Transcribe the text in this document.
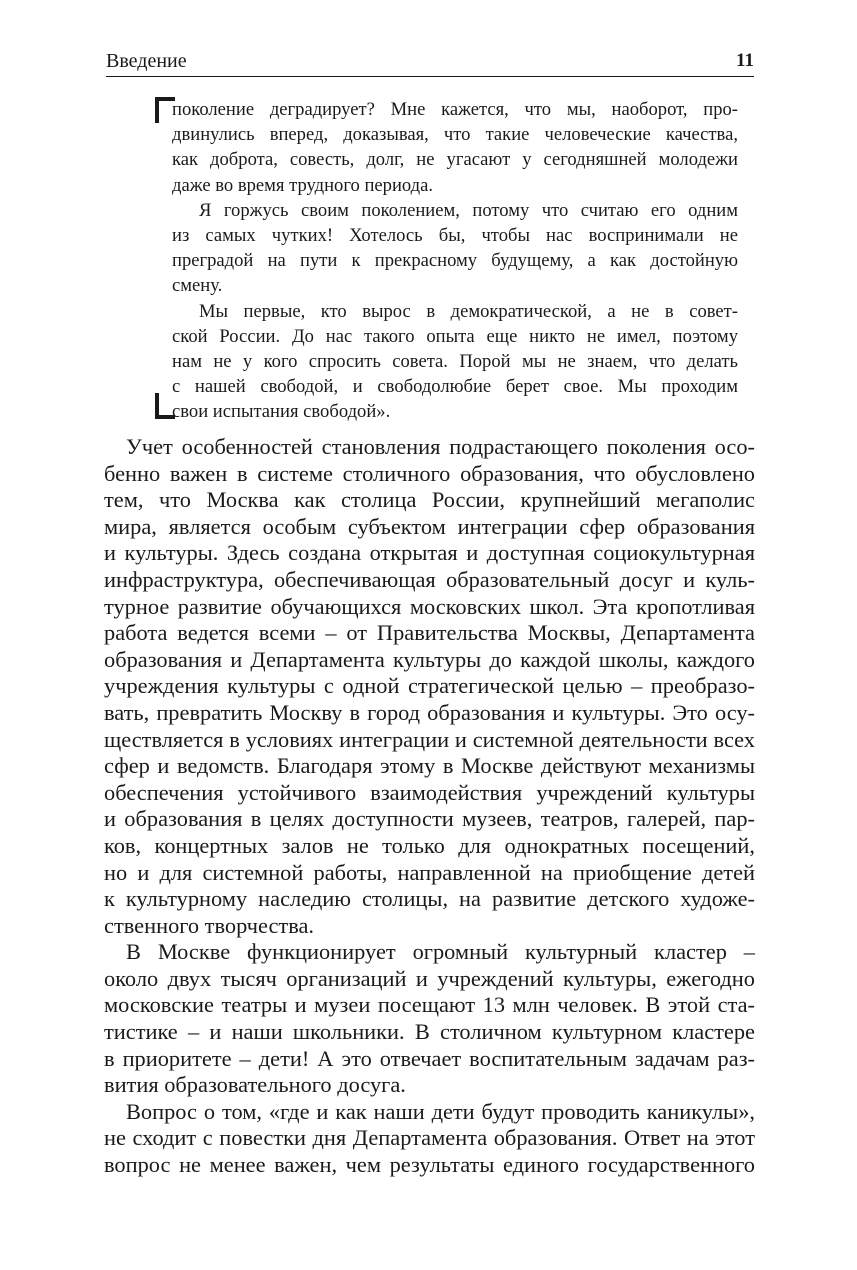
Введение	11

поколение деградирует? Мне кажется, что мы, наоборот, про-
двинулись вперед, доказывая, что такие человеческие качества,
как доброта, совесть, долг, не угасают у сегодняшней молодежи
даже во время трудного периода.

Я горжусь своим поколением, потому что считаю его одним
из самых чутких! Хотелось бы, чтобы нас воспринимали не
преградой на пути к прекрасному будущему, а как достойную
смену.

Мы первые, кто вырос в демократической, а не в совет-
ской России. До нас такого опыта еще никто не имел, поэтому
нам не у кого спросить совета. Порой мы не знаем, что делать
с нашей свободой, и свободолюбие берет свое. Мы проходим
свои испытания свободой».

Учет особенностей становления подрастающего поколения осо-
бенно важен в системе столичного образования, что обусловлено
тем, что Москва как столица России, крупнейший мегаполис
мира, является особым субъектом интеграции сфер образования
и культуры. Здесь создана открытая и доступная социокультурная
инфраструктура, обеспечивающая образовательный досуг и куль-
турное развитие обучающихся московских школ. Эта кропотливая
работа ведется всеми – от Правительства Москвы, Департамента
образования и Департамента культуры до каждой школы, каждого
учреждения культуры с одной стратегической целью – преобразо-
вать, превратить Москву в город образования и культуры. Это осу-
ществляется в условиях интеграции и системной деятельности всех
сфер и ведомств. Благодаря этому в Москве действуют механизмы
обеспечения устойчивого взаимодействия учреждений культуры
и образования в целях доступности музеев, театров, галерей, пар-
ков, концертных залов не только для однократных посещений,
но и для системной работы, направленной на приобщение детей
к культурному наследию столицы, на развитие детского художе-
ственного творчества.

В Москве функционирует огромный культурный кластер –
около двух тысяч организаций и учреждений культуры, ежегодно
московские театры и музеи посещают 13 млн человек. В этой ста-
тистике – и наши школьники. В столичном культурном кластере
в приоритете – дети! А это отвечает воспитательным задачам раз-
вития образовательного досуга.

Вопрос о том, «где и как наши дети будут проводить каникулы»,
не сходит с повестки дня Департамента образования. Ответ на этот
вопрос не менее важен, чем результаты единого государственного
